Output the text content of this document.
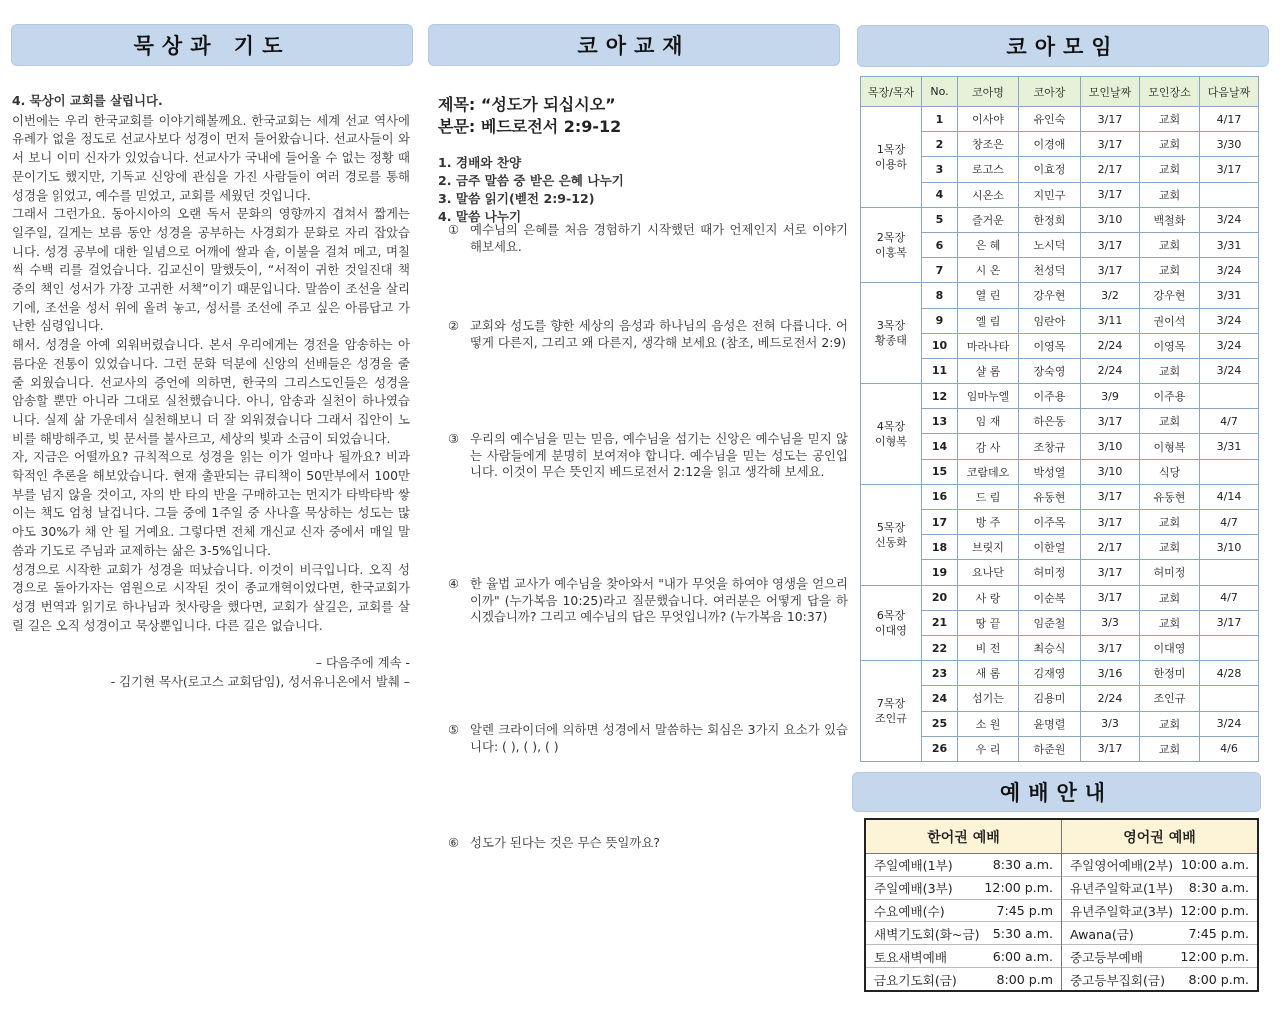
묵상과 기도	코아교재	코아모임
예배안내

4. 묵상이 교회를 살립니다.

이번에는 우리 한국교회를 이야기해볼께요. 한국교회는 세계 선교 역사에 유례가 없을 정도로 선교사보다 성경이 먼저 들어왔습니다. 선교사들이 와서 보니 이미 신자가 있었습니다. 선교사가 국내에 들어올 수 없는 정황 때문이기도 했지만, 기독교 신앙에 관심을 가진 사람들이 여러 경로를 통해 성경을 읽었고, 예수를 믿었고, 교회를 세웠던 것입니다.

그래서 그런가요. 동아시아의 오랜 독서 문화의 영향까지 겹쳐서 짧게는 일주일, 길게는 보름 동안 성경을 공부하는 사경회가 문화로 자리 잡았습니다. 성경 공부에 대한 일념으로 어깨에 쌀과 솥, 이불을 걸쳐 메고, 며칠씩 수백 리를 걸었습니다. 김교신이 말했듯이, “서적이 귀한 것일진대 책 중의 책인 성서가 가장 고귀한 서책”이기 때문입니다. 말씀이 조선을 살리기에, 조선을 성서 위에 올려 놓고, 성서를 조선에 주고 싶은 아름답고 가난한 심령입니다.

해서. 성경을 아예 외워버렸습니다. 본서 우리에게는 경전을 암송하는 아름다운 전통이 있었습니다. 그런 문화 덕분에 신앙의 선배들은 성경을 줄줄 외웠습니다. 선교사의 증언에 의하면, 한국의 그리스도인들은 성경을 암송할 뿐만 아니라 그대로 실천했습니다. 아니, 암송과 실천이 하나였습니다. 실제 삶 가운데서 실천해보니 더 잘 외워졌습니다 그래서 집안이 노비를 해방해주고, 빚 문서를 불사르고, 세상의 빛과 소금이 되었습니다.

자, 지금은 어떨까요? 규칙적으로 성경을 읽는 이가 얼마나 될까요? 비과학적인 추론을 해보았습니다. 현재 출판되는 큐티책이 50만부에서 100만부를 넘지 않을 것이고, 자의 반 타의 반을 구매하고는 먼지가 타박타박 쌓이는 책도 엄청 날겁니다. 그들 중에 1주일 중 사나흘 묵상하는 성도는 많아도 30%가 채 안 될 거예요. 그렇다면 전체 개신교 신자 중에서 매일 말씀과 기도로 주님과 교제하는 삶은 3-5%입니다.

성경으로 시작한 교회가 성경을 떠났습니다. 이것이 비극입니다. 오직 성경으로 돌아가자는 염원으로 시작된 것이 종교개혁이었다면, 한국교회가 성경 번역과 읽기로 하나님과 첫사랑을 했다면, 교회가 살길은, 교회를 살릴 길은 오직 성경이고 묵상뿐입니다. 다른 길은 없습니다.

– 다음주에 계속 -

- 김기현 목사(로고스 교회담임), 성서유니온에서 발췌 –

제목: “성도가 되십시오”
본문: 베드로전서 2:9-12
1. 경배와 찬양
2. 금주 말씀 중 받은 은혜 나누기
3. 말씀 읽기(벧전 2:9-12)
4. 말씀 나누기
① 예수님의 은혜를 처음 경험하기 시작했던 때가 언제인지 서로 이야기해보세요.
② 교회와 성도를 향한 세상의 음성과 하나님의 음성은 전혀 다릅니다. 어떻게 다른지, 그리고 왜 다른지, 생각해 보세요 (참조, 베드로전서 2:9)
③ 우리의 예수님을 믿는 믿음, 예수님을 섬기는 신앙은 예수님을 믿지 않는 사람들에게 분명히 보여져야 합니다. 예수님을 믿는 성도는 공인입니다. 이것이 무슨 뜻인지 베드로전서 2:12을 읽고 생각해 보세요.
④ 한 율법 교사가 예수님을 찾아와서 "내가 무엇을 하여야 영생을 얻으리이까" (누가복음 10:25)라고 질문했습니다. 여러분은 어떻게 답을 하시겠습니까? 그리고 예수님의 답은 무엇입니까? (누가복음 10:37)
⑤ 알렌 크라이더에 의하면 성경에서 말씀하는 회심은 3가지 요소가 있습니다: ( ), ( ), ( )
⑥ 성도가 된다는 것은 무슨 뜻일까요?
목장/목자	No.	코아명	코아장	모인날짜	모인장소	다음날짜

1목장
이용하	1	이사야	유인숙	3/17	교회	4/17
	2	창조은	이경애	3/17	교회	3/30
	3	로고스	이효정	2/17	교회	3/17
	4	시온소	지민구	3/17	교회	

2목장
이홍복	5	즐거운	한정희	3/10	백철화	3/24
	6	은 혜	노시덕	3/17	교회	3/31
	7	시 온	천성덕	3/17	교회	3/24

3목장
황종태	8	열 린	강우현	3/2	강우현	3/31
	9	엘 림	임란아	3/11	권이석	3/24
	10	마라나타	이영목	2/24	이영목	3/24
	11	샬 롬	장숙영	2/24	교회	3/24

4목장
이형복	12	임마누엘	이주용	3/9	이주용	
	13	임 재	하은동	3/17	교회	4/7
	14	감 사	조창규	3/10	이형복	3/31
	15	코람데오	박성열	3/10	식당	

5목장
신동화	16	드 림	유동현	3/17	유동현	4/14
	17	방 주	이주목	3/17	교회	4/7
	18	브릿지	이한얼	2/17	교회	3/10
	19	요나단	허미정	3/17	허미정	

6목장
이대영	20	사 랑	이순복	3/17	교회	4/7
	21	땅 끝	임준철	3/3	교회	3/17
	22	비 전	최승식	3/17	이대영	

7목장
조인규	23	새 롬	김재영	3/16	한정미	4/28
	24	섬기는	김용미	2/24	조인규	
	25	소 원	윤명렬	3/3	교회	3/24
	26	우 리	하준원	3/17	교회	4/6
한어권 예배
주일예배(1부)	8:30 a.m.
주일예배(3부)	12:00 p.m.
수요예배(수)	7:45 p.m
새벽기도회(화~금) 5:30 a.m.
토요새벽예배	6:00 a.m.
금요기도회(금)	8:00 p.m
영어권 예배
주일영어예배(2부) 10:00 a.m.
유년주일학교(1부) 8:30 a.m.
유년주일학교(3부) 12:00 p.m.
Awana(금)	7:45 p.m.
중고등부예배	12:00 p.m.
중고등부집회(금) 8:00 p.m.
